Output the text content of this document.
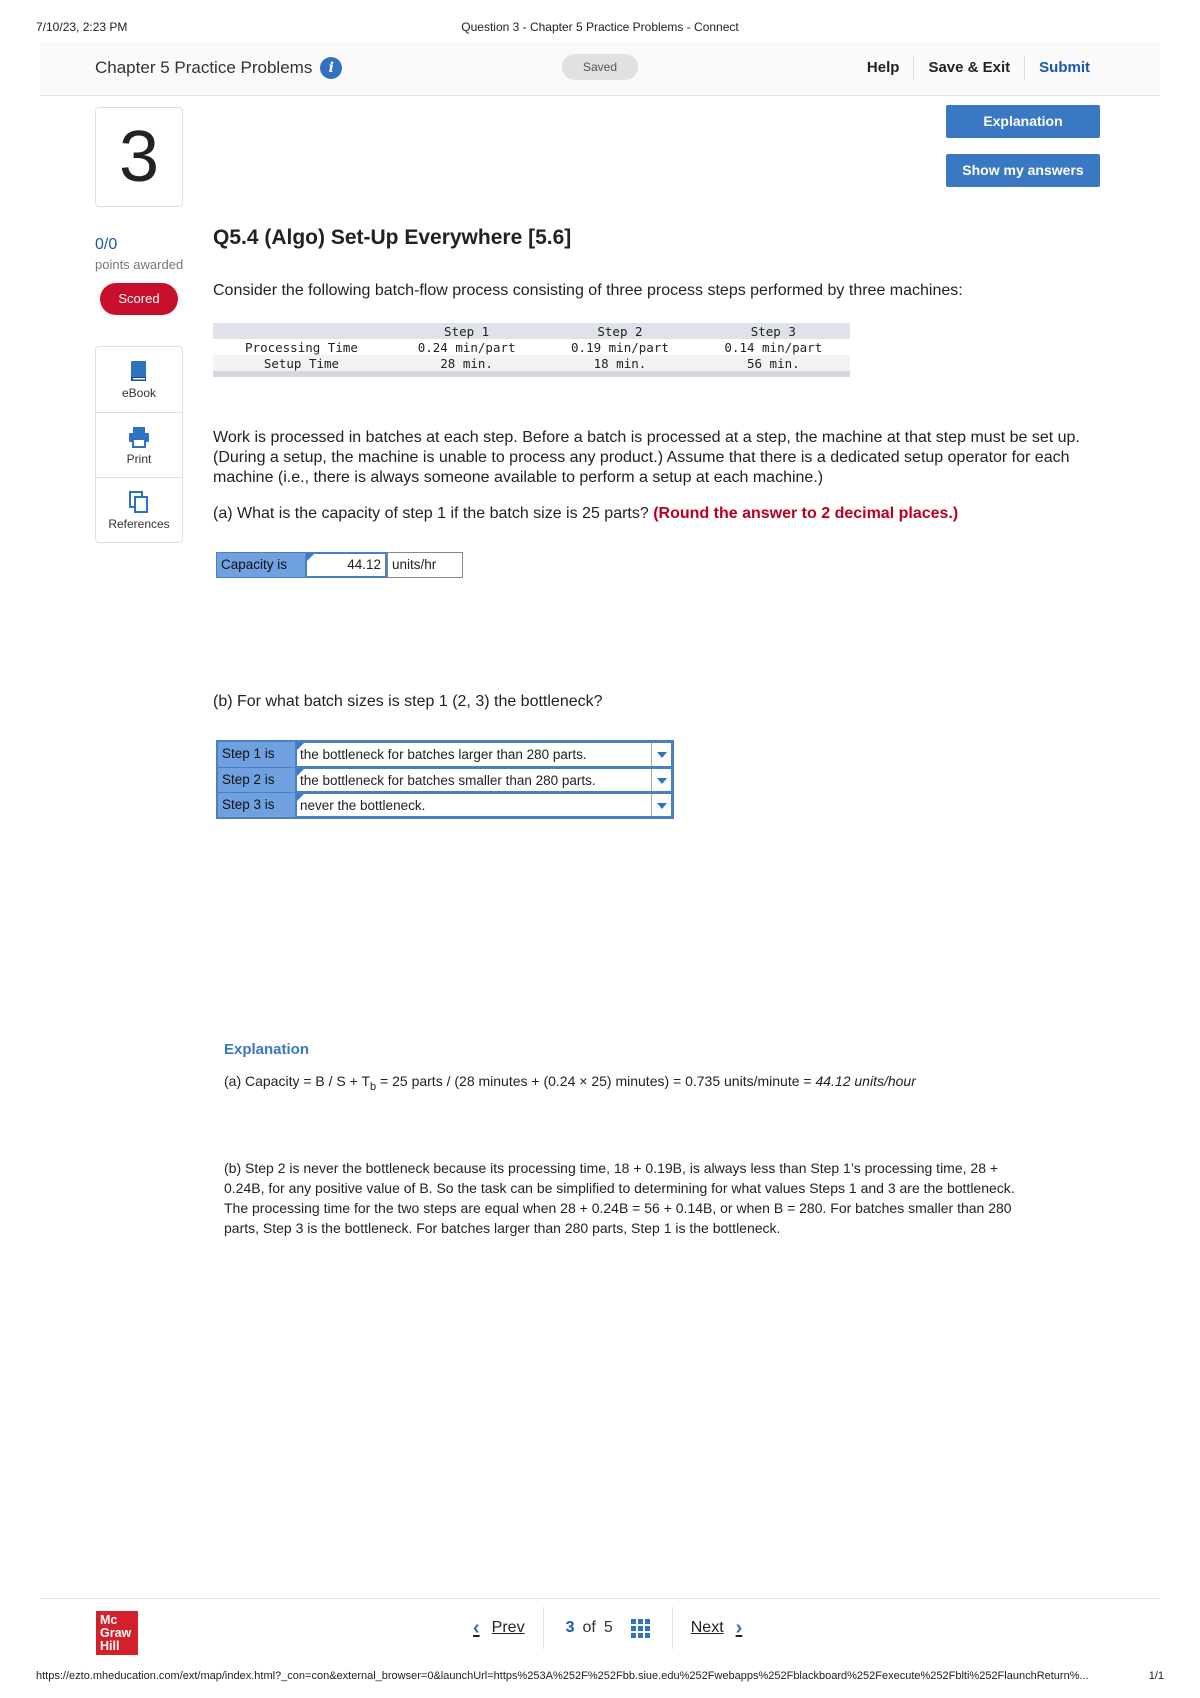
7/10/23, 2:23 PM	Question 3 - Chapter 5 Practice Problems - Connect
Chapter 5 Practice Problems	i	Saved	Help	Save & Exit	Submit
3
0/0
points awarded
Scored
eBook
Print
References
Explanation
Show my answers
Q5.4 (Algo) Set-Up Everywhere [5.6]
Consider the following batch-flow process consisting of three process steps performed by three machines:
	Step 1	Step 2	Step 3
Processing Time	0.24 min/part	0.19 min/part	0.14 min/part
Setup Time	28 min.	18 min.	56 min.

Work is processed in batches at each step. Before a batch is processed at a step, the machine at that step must be set up. (During a setup, the machine is unable to process any product.) Assume that there is a dedicated setup operator for each machine (i.e., there is always someone available to perform a setup at each machine.)
(a) What is the capacity of step 1 if the batch size is 25 parts? (Round the answer to 2 decimal places.)
Capacity is	44.12 units/hr
(b) For what batch sizes is step 1 (2, 3) the bottleneck?
Step 1 is	the bottleneck for batches larger than 280 parts.
Step 2 is	the bottleneck for batches smaller than 280 parts.
Step 3 is	never the bottleneck.
Explanation
(a) Capacity = $B / S + T_b = 25$ parts / (28 minutes + (0.24 × 25) minutes) = 0.735 units/minute = 44.12 units/hour
(b) Step 2 is never the bottleneck because its processing time, 18 + 0.19B, is always less than Step 1’s processing time, 28 + 0.24B, for any positive value of B. So the task can be simplified to determining for what values Steps 1 and 3 are the bottleneck. The processing time for the two steps are equal when 28 + 0.24B = 56 + 0.14B, or when B = 280. For batches smaller than 280 parts, Step 3 is the bottleneck. For batches larger than 280 parts, Step 1 is the bottleneck.
Mc
Graw
Hill
‹ Prev	3 of 5	Next ›
https://ezto.mheducation.com/ext/map/index.html?_con=con&external_browser=0&launchUrl=https%253A%252F%252Fbb.siue.edu%252Fwebapps%252Fblackboard%252Fexecute%252Fblti%252FlaunchReturn%...	1/1
